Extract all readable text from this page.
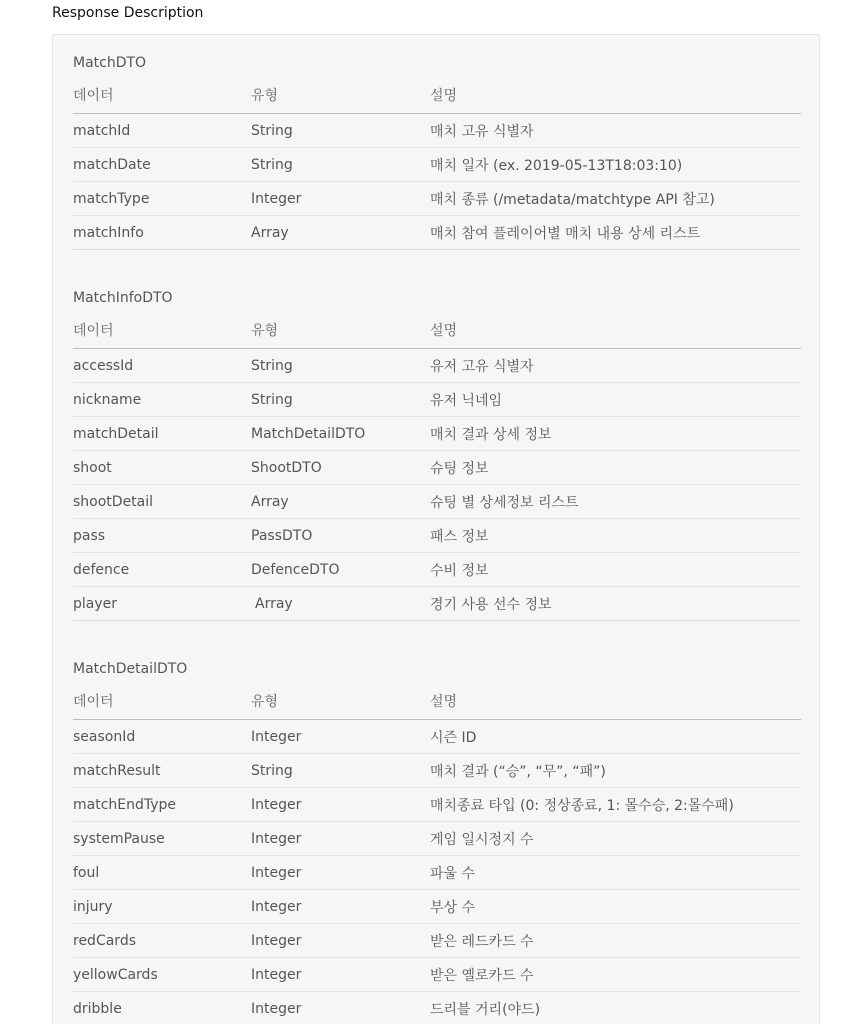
Response Description
MatchDTO
데이터	유형	설명
matchId	String	매치 고유 식별자
matchDate	String	매치 일자 (ex. 2019-05-13T18:03:10)
matchType	Integer	매치 종류 (/metadata/matchtype API 참고)
matchInfo	Array	매치 참여 플레이어별 매치 내용 상세 리스트
MatchInfoDTO
데이터	유형	설명
accessId	String	유저 고유 식별자
nickname	String	유저 닉네임
matchDetail	MatchDetailDTO	매치 결과 상세 정보
shoot	ShootDTO	슈팅 정보
shootDetail	Array	슈팅 별 상세정보 리스트
pass	PassDTO	패스 정보
defence	DefenceDTO	수비 정보
player	Array	경기 사용 선수 정보
MatchDetailDTO
데이터	유형	설명
seasonId	Integer	시즌 ID
matchResult	String	매치 결과 (“승”, “무”, “패”)
matchEndType	Integer	매치종료 타입 (0: 정상종료, 1: 몰수승, 2:몰수패)
systemPause	Integer	게임 일시정지 수
foul	Integer	파울 수
injury	Integer	부상 수
redCards	Integer	받은 레드카드 수
yellowCards	Integer	받은 옐로카드 수
dribble	Integer	드리블 거리(야드)
